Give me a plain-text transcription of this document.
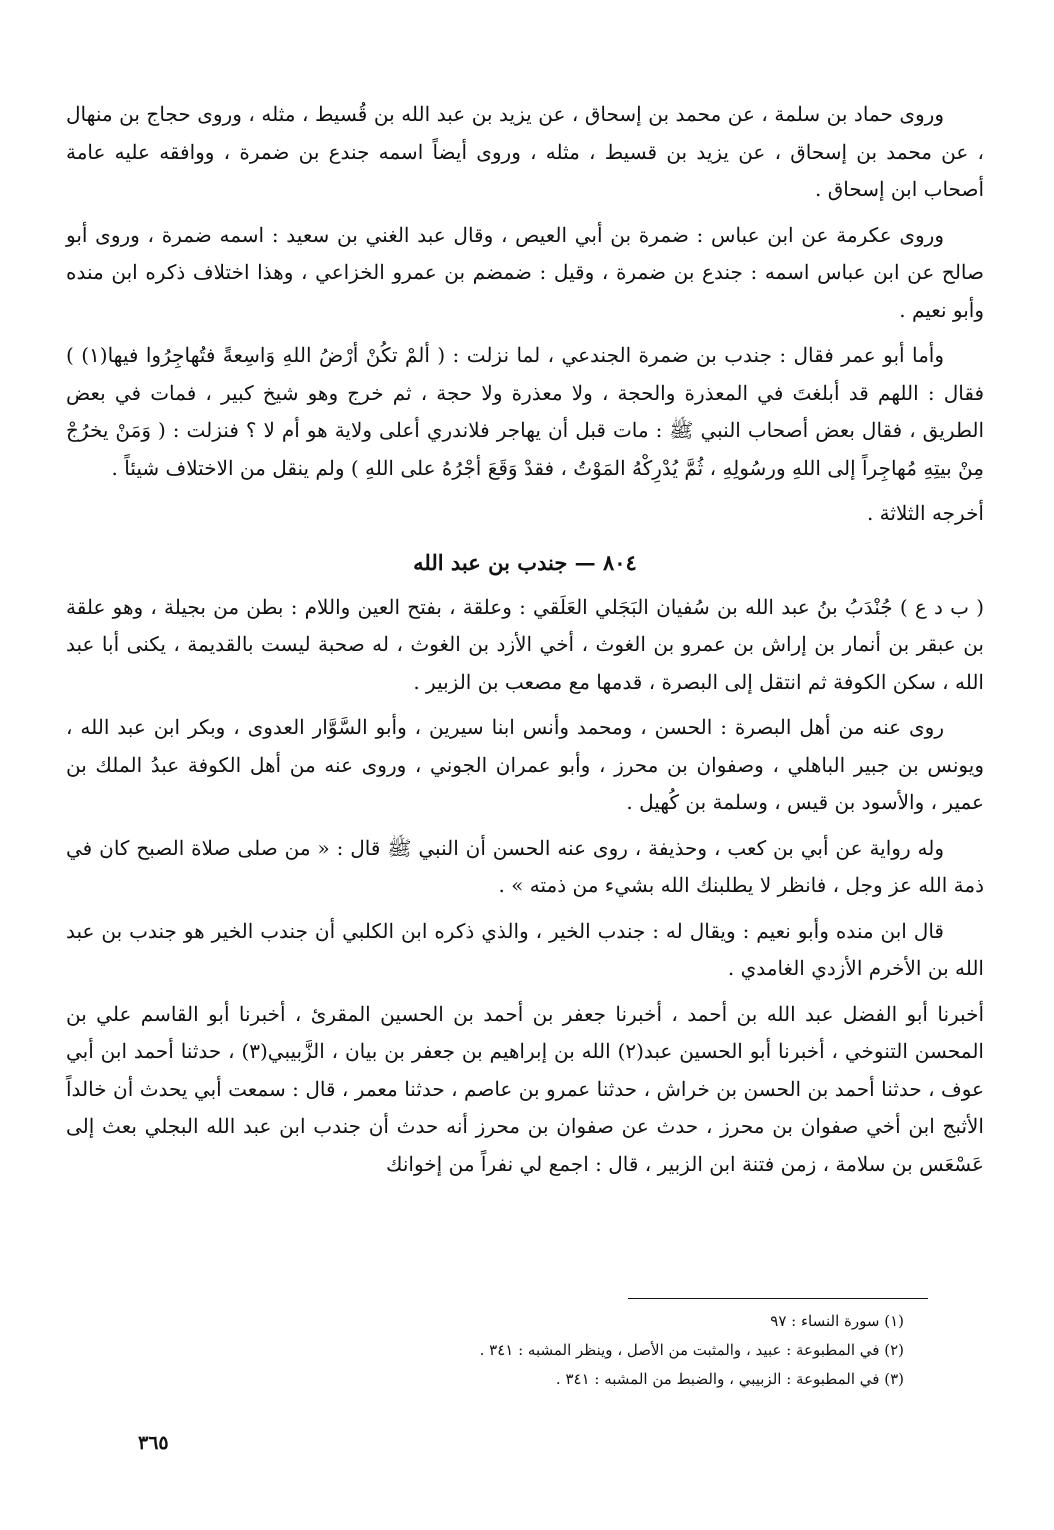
وروى حماد بن سلمة ، عن محمد بن إسحاق ، عن يزيد بن عبد الله بن قُسيط ، مثله ، وروى حجاج بن منهال ، عن محمد بن إسحاق ، عن يزيد بن قسيط ، مثله ، وروى أيضاً اسمه جندع بن ضمرة ، ووافقه عليه عامة أصحاب ابن إسحاق .

وروى عكرمة عن ابن عباس : ضمرة بن أبي العيص ، وقال عبد الغني بن سعيد : اسمه ضمرة ، وروى أبو صالح عن ابن عباس اسمه : جندع بن ضمرة ، وقيل : ضمضم بن عمرو الخزاعي ، وهذا اختلاف ذكره ابن منده وأبو نعيم .

وأما أبو عمر فقال : جندب بن ضمرة الجندعي ، لما نزلت : ( ألمْ تكُنْ أرْضُ اللهِ وَاسِعةً فتُهاجِرُوا فيها(١) ) فقال : اللهم قد أبلغتَ في المعذرة والحجة ، ولا معذرة ولا حجة ، ثم خرج وهو شيخ كبير ، فمات في بعض الطريق ، فقال بعض أصحاب النبي ﷺ : مات قبل أن يهاجر فلاندري أعلى ولاية هو أم لا ؟ فنزلت : ( وَمَنْ يخرُجْ مِنْ بيتِهِ مُهاجِراً إلى اللهِ ورسُولِهِ ، ثُمَّ يُدْرِكْهُ المَوْتُ ، فقدْ وَقَعَ أجْرُهُ على اللهِ ) ولم ينقل من الاختلاف شيئاً .

أخرجه الثلاثة .

٨٠٤ — جندب بن عبد الله

( ب د ع ) جُنْدَبُ بنُ عبد الله بن سُفيان البَجَلي العَلَقي : وعلقة ، بفتح العين واللام : بطن من بجيلة ، وهو علقة بن عبقر بن أنمار بن إراش بن عمرو بن الغوث ، أخي الأزد بن الغوث ، له صحبة ليست بالقديمة ، يكنى أبا عبد الله ، سكن الكوفة ثم انتقل إلى البصرة ، قدمها مع مصعب بن الزبير .

روى عنه من أهل البصرة : الحسن ، ومحمد وأنس ابنا سيرين ، وأبو السَّوَّار العدوى ، وبكر ابن عبد الله ، ويونس بن جبير الباهلي ، وصفوان بن محرز ، وأبو عمران الجوني ، وروى عنه من أهل الكوفة عبدُ الملك بن عمير ، والأسود بن قيس ، وسلمة بن كُهيل .

وله رواية عن أبي بن كعب ، وحذيفة ، روى عنه الحسن أن النبي ﷺ قال : « من صلى صلاة الصبح كان في ذمة الله عز وجل ، فانظر لا يطلبنك الله بشيء من ذمته » .

قال ابن منده وأبو نعيم : ويقال له : جندب الخير ، والذي ذكره ابن الكلبي أن جندب الخير هو جندب بن عبد الله بن الأخرم الأزدي الغامدي .

أخبرنا أبو الفضل عبد الله بن أحمد ، أخبرنا جعفر بن أحمد بن الحسين المقرئ ، أخبرنا أبو القاسم علي بن المحسن التنوخي ، أخبرنا أبو الحسين عبد(٢) الله بن إبراهيم بن جعفر بن بيان ، الزَّبيبي(٣) ، حدثنا أحمد ابن أبي عوف ، حدثنا أحمد بن الحسن بن خراش ، حدثنا عمرو بن عاصم ، حدثنا معمر ، قال : سمعت أبي يحدث أن خالداً الأثبج ابن أخي صفوان بن محرز ، حدث عن صفوان بن محرز أنه حدث أن جندب ابن عبد الله البجلي بعث إلى عَسْعَس بن سلامة ، زمن فتنة ابن الزبير ، قال : اجمع لي نفراً من إخوانك

(١) سورة النساء : ٩٧

(٢) في المطبوعة : عبيد ، والمثبت من الأصل ، وينظر المشبه : ٣٤١ .

(٣) في المطبوعة : الزبيبي ، والضبط من المشبه : ٣٤١ .

٣٦٥
